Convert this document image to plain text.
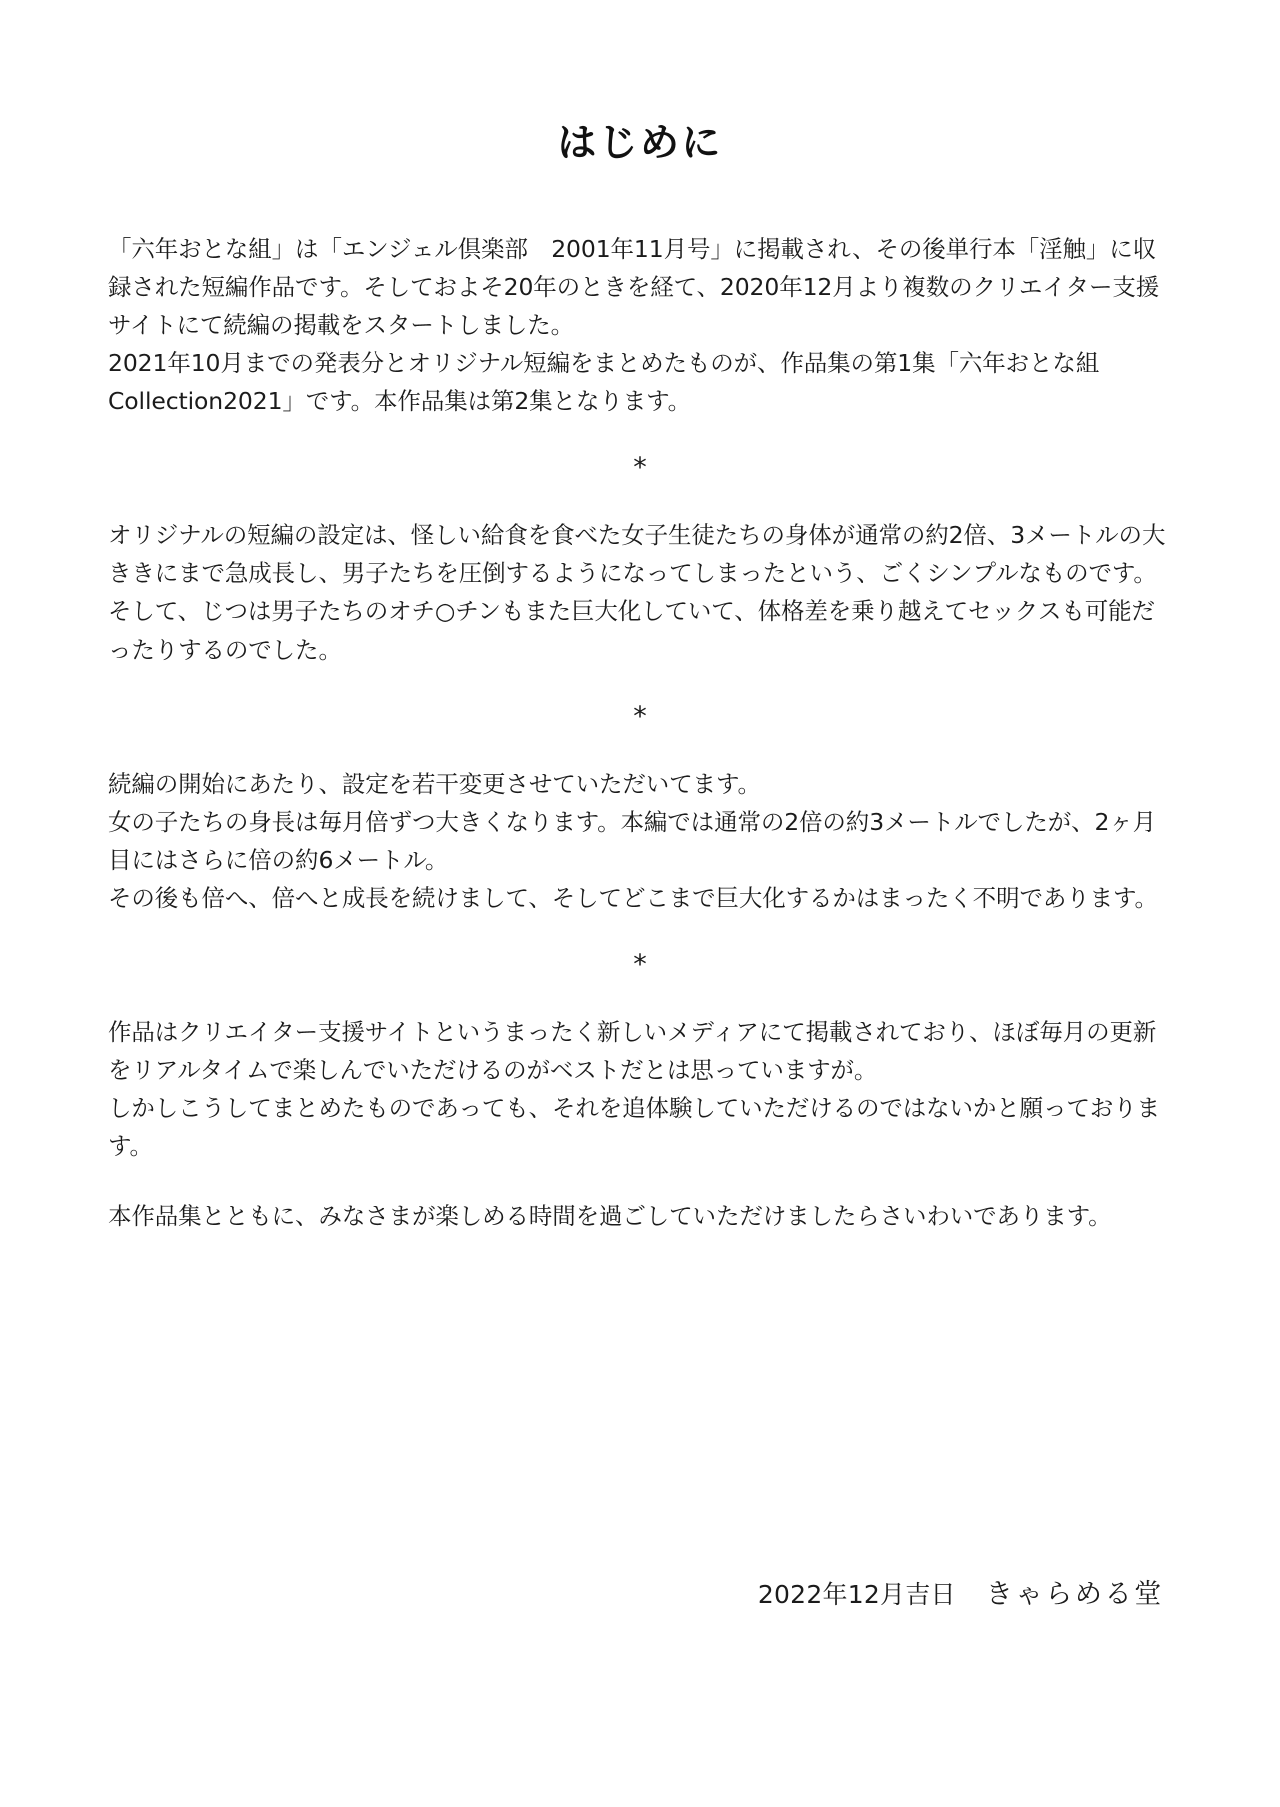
はじめに

「六年おとな組」は「エンジェル倶楽部　2001年11月号」に掲載され、その後単行本「淫触」に収録された短編作品です。そしておよそ20年のときを経て、2020年12月より複数のクリエイター支援サイトにて続編の掲載をスタートしました。

2021年10月までの発表分とオリジナル短編をまとめたものが、作品集の第1集「六年おとな組 Collection2021」です。本作品集は第2集となります。

*

オリジナルの短編の設定は、怪しい給食を食べた女子生徒たちの身体が通常の約2倍、3メートルの大ききにまで急成長し、男子たちを圧倒するようになってしまったという、ごくシンプルなものです。

そして、じつは男子たちのオチ○チンもまた巨大化していて、体格差を乗り越えてセックスも可能だったりするのでした。

*

続編の開始にあたり、設定を若干変更させていただいてます。

女の子たちの身長は毎月倍ずつ大きくなります。本編では通常の2倍の約3メートルでしたが、2ヶ月目にはさらに倍の約6メートル。

その後も倍へ、倍へと成長を続けまして、そしてどこまで巨大化するかはまったく不明であります。

*

作品はクリエイター支援サイトというまったく新しいメディアにて掲載されており、ほぼ毎月の更新をリアルタイムで楽しんでいただけるのがベストだとは思っていますが。

しかしこうしてまとめたものであっても、それを追体験していただけるのではないかと願っております。

本作品集とともに、みなさまが楽しめる時間を過ごしていただけましたらさいわいであります。

2022年12月吉日 きゃらめる堂
